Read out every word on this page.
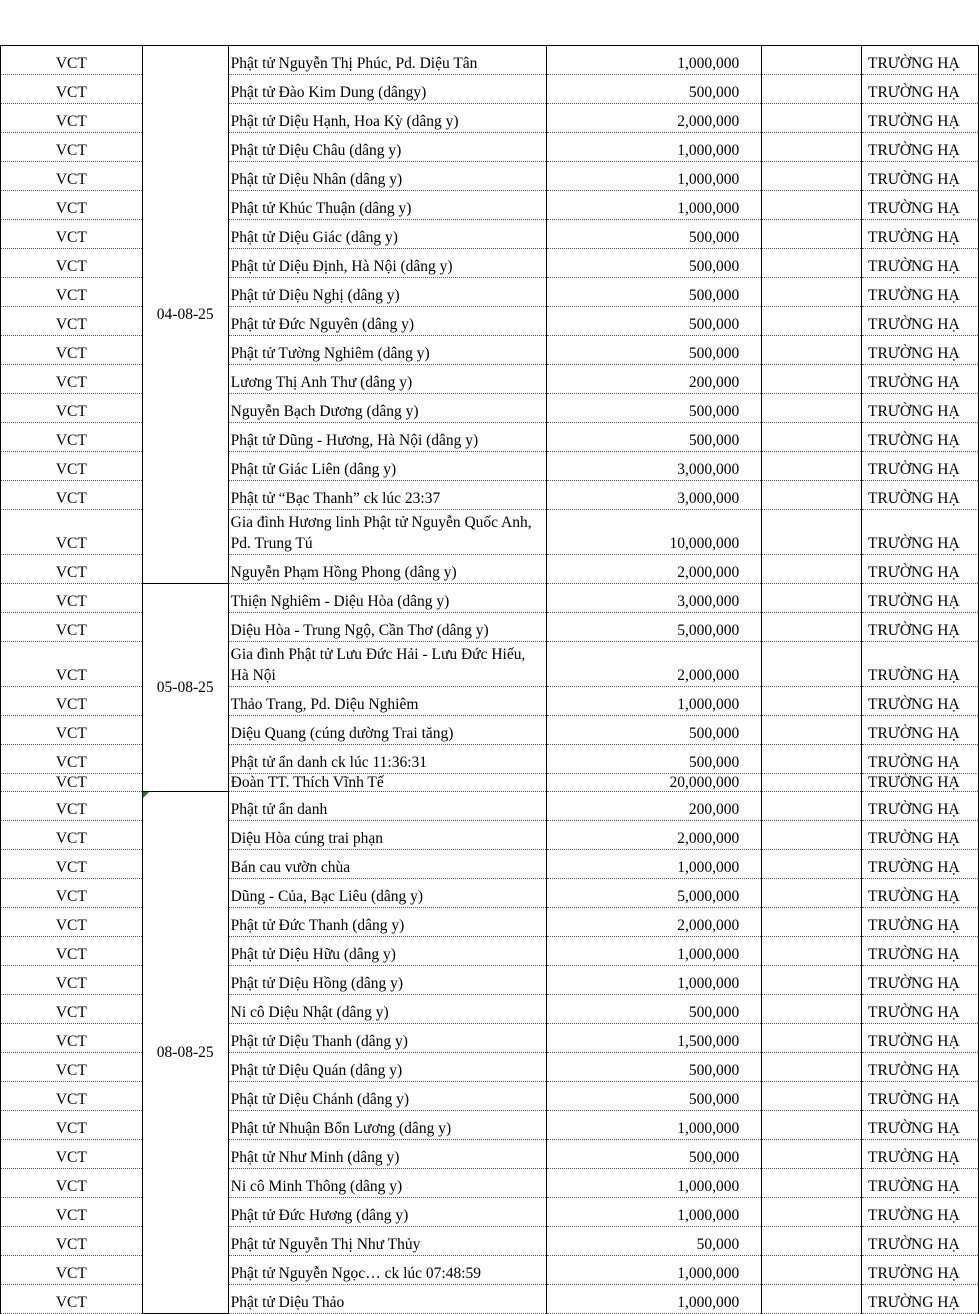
VCT	04-08-25	Phật tử Nguyễn Thị Phúc, Pd. Diệu Tân	1,000,000		TRƯỜNG HẠ
VCT		Phật tử Đào Kim Dung (dângy)	500,000		TRƯỜNG HẠ
VCT		Phật tử Diệu Hạnh, Hoa Kỳ (dâng y)	2,000,000		TRƯỜNG HẠ
VCT		Phật tử Diệu Châu (dâng y)	1,000,000		TRƯỜNG HẠ
VCT		Phật tử Diệu Nhân (dâng y)	1,000,000		TRƯỜNG HẠ
VCT		Phật tử Khúc Thuận (dâng y)	1,000,000		TRƯỜNG HẠ
VCT		Phật tử Diệu Giác (dâng y)	500,000		TRƯỜNG HẠ
VCT		Phật tử Diệu Định, Hà Nội (dâng y)	500,000		TRƯỜNG HẠ
VCT		Phật tử Diệu Nghị (dâng y)	500,000		TRƯỜNG HẠ
VCT		Phật tử Đức Nguyên (dâng y)	500,000		TRƯỜNG HẠ
VCT		Phật tử Tường Nghiêm (dâng y)	500,000		TRƯỜNG HẠ
VCT		Lương Thị Anh Thư (dâng y)	200,000		TRƯỜNG HẠ
VCT		Nguyễn Bạch Dương (dâng y)	500,000		TRƯỜNG HẠ
VCT		Phật tử Dũng - Hương, Hà Nội (dâng y)	500,000		TRƯỜNG HẠ
VCT		Phật tử Giác Liên (dâng y)	3,000,000		TRƯỜNG HẠ
VCT		Phật tử “Bạc Thanh” ck lúc 23:37	3,000,000		TRƯỜNG HẠ
VCT		Gia đình Hương linh Phật tử Nguyễn Quốc Anh, Pd. Trung Tú	10,000,000		TRƯỜNG HẠ
VCT		Nguyễn Phạm Hồng Phong (dâng y)	2,000,000		TRƯỜNG HẠ
VCT	05-08-25	Thiện Nghiêm - Diệu Hòa (dâng y)	3,000,000		TRƯỜNG HẠ
VCT		Diệu Hòa - Trung Ngộ, Cần Thơ (dâng y)	5,000,000		TRƯỜNG HẠ
VCT		Gia đình Phật tử Lưu Đức Hải - Lưu Đức Hiếu, Hà Nội	2,000,000		TRƯỜNG HẠ
VCT		Thảo Trang, Pd. Diệu Nghiêm	1,000,000		TRƯỜNG HẠ
VCT		Diệu Quang (cúng dường Trai tăng)	500,000		TRƯỜNG HẠ
VCT		Phật tử ẩn danh ck lúc 11:36:31	500,000		TRƯỜNG HẠ
VCT		Đoàn TT. Thích Vĩnh Tế	20,000,000		TRƯỜNG HẠ
VCT	08-08-25	Phật tử ẩn danh	200,000		TRƯỜNG HẠ
VCT		Diệu Hòa cúng trai phạn	2,000,000		TRƯỜNG HẠ
VCT		Bán cau vườn chùa	1,000,000		TRƯỜNG HẠ
VCT		Dũng - Của, Bạc Liêu (dâng y)	5,000,000		TRƯỜNG HẠ
VCT		Phật tử Đức Thanh (dâng y)	2,000,000		TRƯỜNG HẠ
VCT		Phật tử Diệu Hữu (dâng y)	1,000,000		TRƯỜNG HẠ
VCT		Phật tử Diệu Hồng (dâng y)	1,000,000		TRƯỜNG HẠ
VCT		Ni cô Diệu Nhật (dâng y)	500,000		TRƯỜNG HẠ
VCT		Phật tử Diệu Thanh (dâng y)	1,500,000		TRƯỜNG HẠ
VCT		Phật tử Diệu Quán (dâng y)	500,000		TRƯỜNG HẠ
VCT		Phật tử Diệu Chánh (dâng y)	500,000		TRƯỜNG HẠ
VCT		Phật tử Nhuận Bổn Lương (dâng y)	1,000,000		TRƯỜNG HẠ
VCT		Phật tử Như Minh (dâng y)	500,000		TRƯỜNG HẠ
VCT		Ni cô Minh Thông (dâng y)	1,000,000		TRƯỜNG HẠ
VCT		Phật tử Đức Hương (dâng y)	1,000,000		TRƯỜNG HẠ
VCT		Phật tử Nguyễn Thị Như Thủy	50,000		TRƯỜNG HẠ
VCT		Phật tử Nguyễn Ngọc… ck lúc 07:48:59	1,000,000		TRƯỜNG HẠ
VCT		Phật tử Diệu Thảo	1,000,000		TRƯỜNG HẠ
